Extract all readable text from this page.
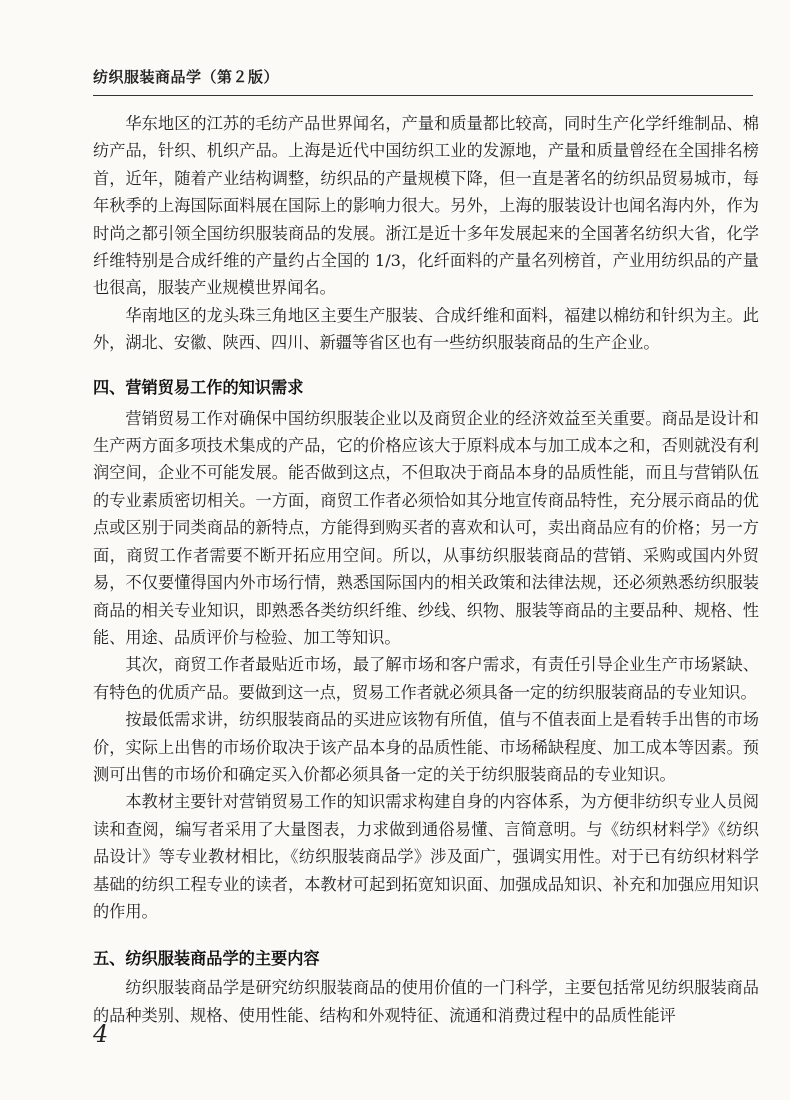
纺织服装商品学（第２版）

华东地区的江苏的毛纺产品世界闻名，产量和质量都比较高，同时生产化学纤维制品、棉纺产品，针织、机织产品。上海是近代中国纺织工业的发源地，产量和质量曾经在全国排名榜首，近年，随着产业结构调整，纺织品的产量规模下降，但一直是著名的纺织品贸易城市，每年秋季的上海国际面料展在国际上的影响力很大。另外，上海的服装设计也闻名海内外，作为时尚之都引领全国纺织服装商品的发展。浙江是近十多年发展起来的全国著名纺织大省，化学纤维特别是合成纤维的产量约占全国的 1/3，化纤面料的产量名列榜首，产业用纺织品的产量也很高，服装产业规模世界闻名。

华南地区的龙头珠三角地区主要生产服装、合成纤维和面料，福建以棉纺和针织为主。此外，湖北、安徽、陕西、四川、新疆等省区也有一些纺织服装商品的生产企业。

四、营销贸易工作的知识需求

营销贸易工作对确保中国纺织服装企业以及商贸企业的经济效益至关重要。商品是设计和生产两方面多项技术集成的产品，它的价格应该大于原料成本与加工成本之和，否则就没有利润空间，企业不可能发展。能否做到这点，不但取决于商品本身的品质性能，而且与营销队伍的专业素质密切相关。一方面，商贸工作者必须恰如其分地宣传商品特性，充分展示商品的优点或区别于同类商品的新特点，方能得到购买者的喜欢和认可，卖出商品应有的价格；另一方面，商贸工作者需要不断开拓应用空间。所以，从事纺织服装商品的营销、采购或国内外贸易，不仅要懂得国内外市场行情，熟悉国际国内的相关政策和法律法规，还必须熟悉纺织服装商品的相关专业知识，即熟悉各类纺织纤维、纱线、织物、服装等商品的主要品种、规格、性能、用途、品质评价与检验、加工等知识。

其次，商贸工作者最贴近市场，最了解市场和客户需求，有责任引导企业生产市场紧缺、有特色的优质产品。要做到这一点，贸易工作者就必须具备一定的纺织服装商品的专业知识。

按最低需求讲，纺织服装商品的买进应该物有所值，值与不值表面上是看转手出售的市场价，实际上出售的市场价取决于该产品本身的品质性能、市场稀缺程度、加工成本等因素。预测可出售的市场价和确定买入价都必须具备一定的关于纺织服装商品的专业知识。

本教材主要针对营销贸易工作的知识需求构建自身的内容体系，为方便非纺织专业人员阅读和查阅，编写者采用了大量图表，力求做到通俗易懂、言简意明。与《纺织材料学》《纺织品设计》等专业教材相比，《纺织服装商品学》涉及面广，强调实用性。对于已有纺织材料学基础的纺织工程专业的读者，本教材可起到拓宽知识面、加强成品知识、补充和加强应用知识的作用。

五、纺织服装商品学的主要内容

纺织服装商品学是研究纺织服装商品的使用价值的一门科学，主要包括常见纺织服装商品的品种类别、规格、使用性能、结构和外观特征、流通和消费过程中的品质性能评

4
